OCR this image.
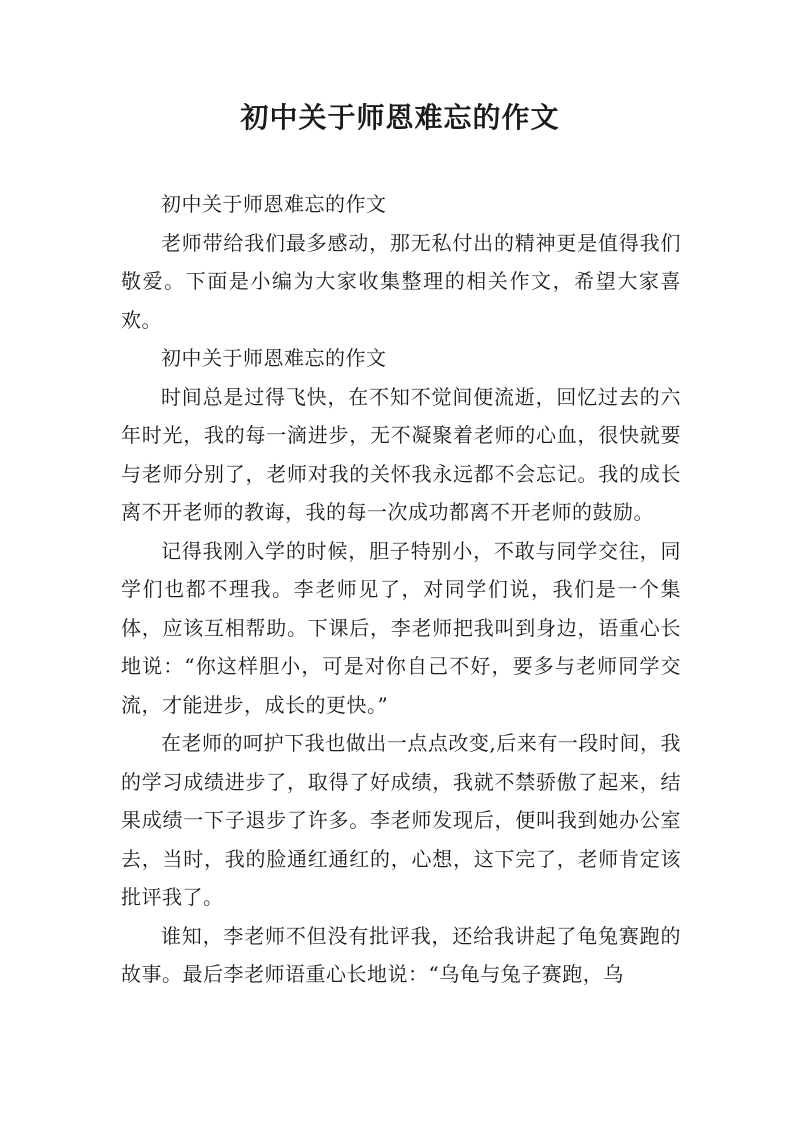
初中关于师恩难忘的作文

初中关于师恩难忘的作文

老师带给我们最多感动，那无私付出的精神更是值得我们敬爱。下面是小编为大家收集整理的相关作文，希望大家喜欢。

初中关于师恩难忘的作文

时间总是过得飞快，在不知不觉间便流逝，回忆过去的六年时光，我的每一滴进步，无不凝聚着老师的心血，很快就要与老师分别了，老师对我的关怀我永远都不会忘记。我的成长离不开老师的教诲，我的每一次成功都离不开老师的鼓励。

记得我刚入学的时候，胆子特别小，不敢与同学交往，同学们也都不理我。李老师见了，对同学们说，我们是一个集体，应该互相帮助。下课后，李老师把我叫到身边，语重心长地说：“你这样胆小，可是对你自己不好，要多与老师同学交流，才能进步，成长的更快。”

在老师的呵护下我也做出一点点改变,后来有一段时间，我的学习成绩进步了，取得了好成绩，我就不禁骄傲了起来，结果成绩一下子退步了许多。李老师发现后，便叫我到她办公室去，当时，我的脸通红通红的，心想，这下完了，老师肯定该批评我了。

谁知，李老师不但没有批评我，还给我讲起了龟兔赛跑的故事。最后李老师语重心长地说：“乌龟与兔子赛跑，乌
